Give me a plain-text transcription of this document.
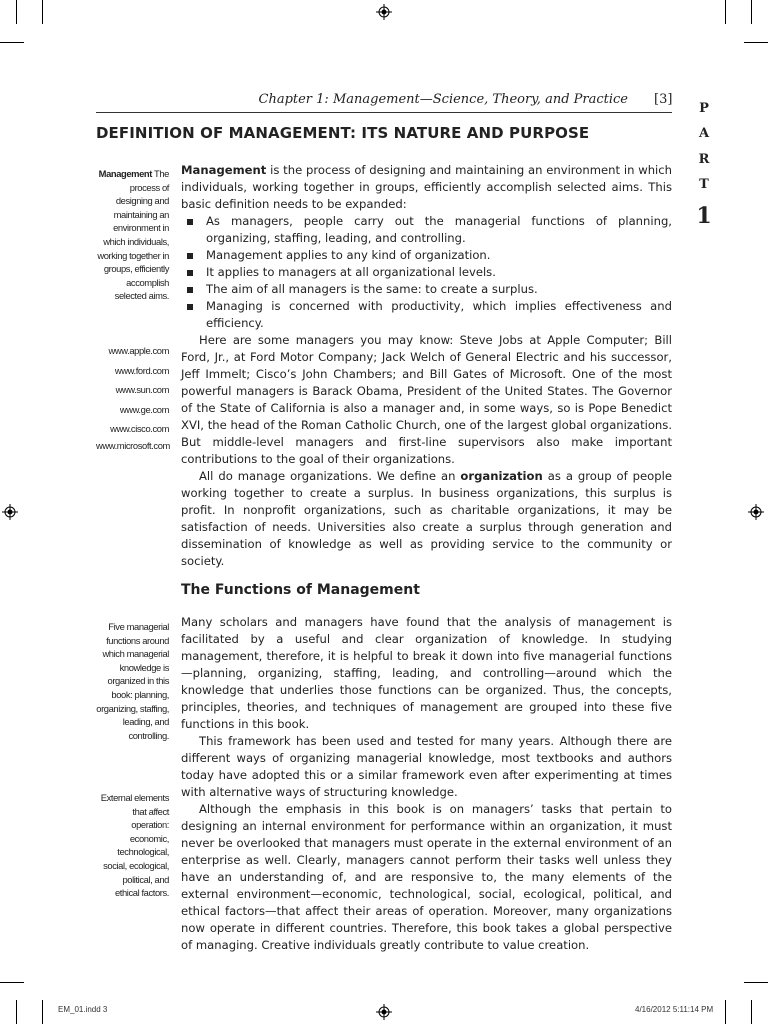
Chapter 1: Management—Science, Theory, and Practice [3]
P
A
R
T
1
DEFINITION OF MANAGEMENT: ITS NATURE AND PURPOSE

Management is the process of designing and maintaining an environment in which individuals, working together in groups, efficiently accomplish selected aims. This basic definition needs to be expanded:

As managers, people carry out the managerial functions of planning, organizing, staffing, leading, and controlling.
Management applies to any kind of organization.
It applies to managers at all organizational levels.
The aim of all managers is the same: to create a surplus.
Managing is concerned with productivity, which implies effectiveness and efficiency.

Here are some managers you may know: Steve Jobs at Apple Computer; Bill Ford, Jr., at Ford Motor Company; Jack Welch of General Electric and his successor, Jeff Immelt; Cisco’s John Chambers; and Bill Gates of Microsoft. One of the most powerful managers is Barack Obama, President of the United States. The Governor of the State of California is also a manager and, in some ways, so is Pope Benedict XVI, the head of the Roman Catholic Church, one of the largest global organizations. But middle-level managers and first-line supervisors also make important contributions to the goal of their organizations.

All do manage organizations. We define an organization as a group of people working together to create a surplus. In business organizations, this surplus is profit. In nonprofit organizations, such as charitable organizations, it may be satisfaction of needs. Universities also create a surplus through generation and dissemination of knowledge as well as providing service to the community or society.

Management The process of designing and maintaining an environment in which individuals, working together in groups, efficiently accomplish selected aims.
www.apple.com
www.ford.com
www.sun.com
www.ge.com
www.cisco.com
www.microsoft.com
The Functions of Management

Many scholars and managers have found that the analysis of management is facilitated by a useful and clear organization of knowledge. In studying management, therefore, it is helpful to break it down into five managerial functions—planning, organizing, staffing, leading, and controlling—around which the knowledge that underlies those functions can be organized. Thus, the concepts, principles, theories, and techniques of management are grouped into these five functions in this book.

This framework has been used and tested for many years. Although there are different ways of organizing managerial knowledge, most textbooks and authors today have adopted this or a similar framework even after experimenting at times with alternative ways of structuring knowledge.

Although the emphasis in this book is on managers’ tasks that pertain to designing an internal environment for performance within an organization, it must never be overlooked that managers must operate in the external environment of an enterprise as well. Clearly, managers cannot perform their tasks well unless they have an understanding of, and are responsive to, the many elements of the external environment—economic, technological, social, ecological, political, and ethical factors—that affect their areas of operation. Moreover, many organizations now operate in different countries. Therefore, this book takes a global perspective of managing. Creative individuals greatly contribute to value creation.

Five managerial functions around which managerial knowledge is organized in this book: planning, organizing, staffing, leading, and controlling.
External elements that affect operation: economic, technological, social, ecological, political, and ethical factors.
EM_01.indd 3	4/16/2012 5:11:14 PM
